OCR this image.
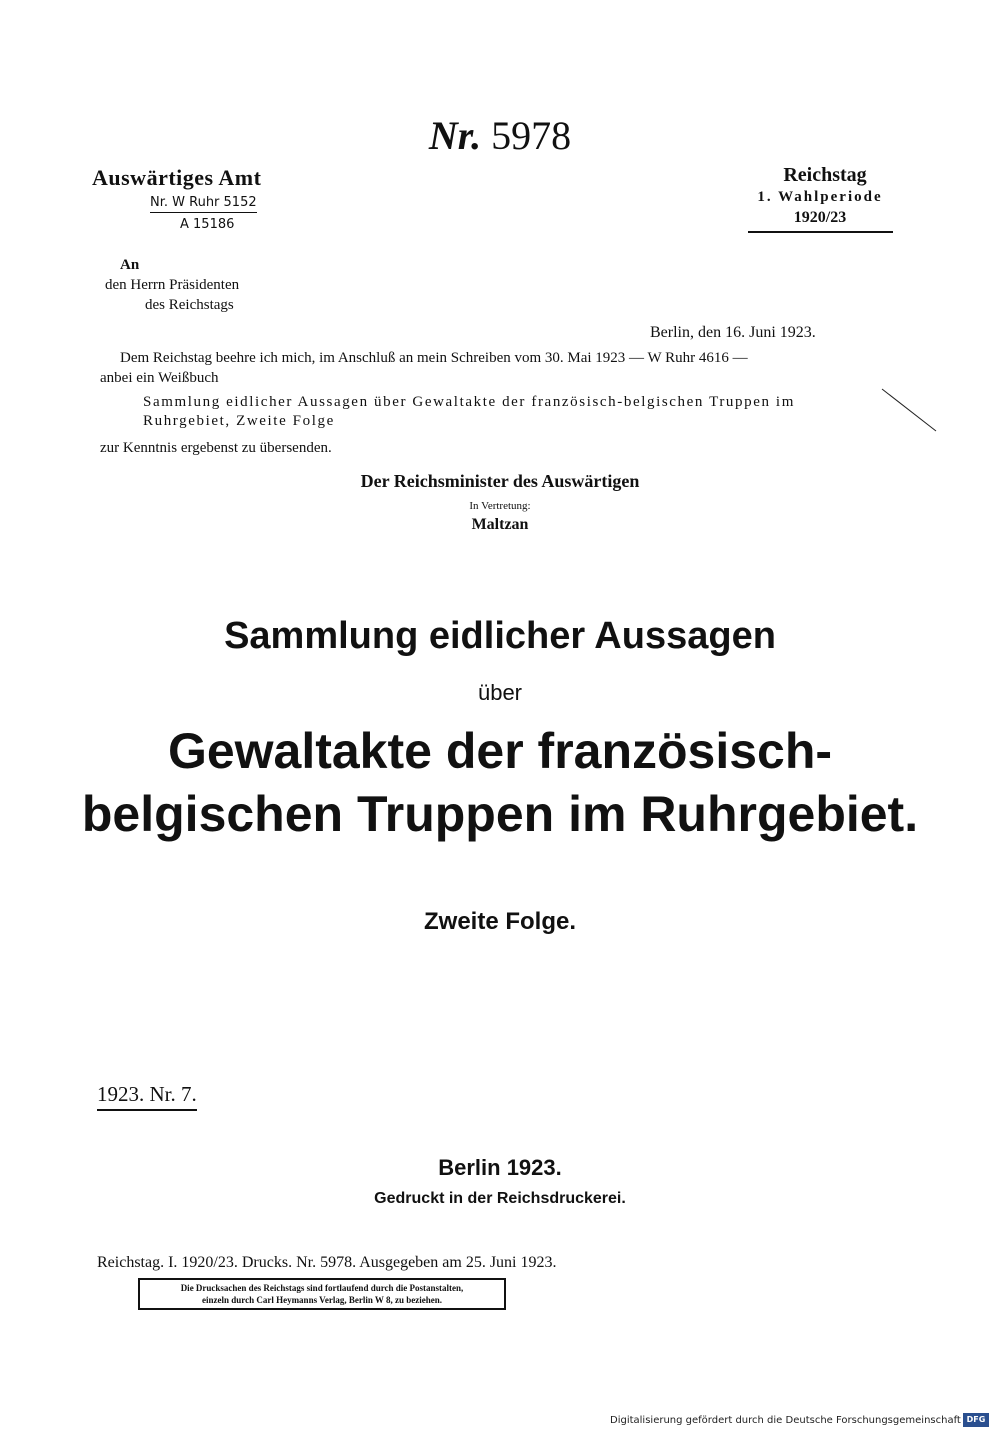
Nr. 5978
Auswärtiges Amt
Nr. W Ruhr 5152
A 15186
Reichstag
1. Wahlperiode
1920/23
An
den Herrn Präsidenten
des Reichstags
Berlin, den 16. Juni 1923.
Dem Reichstag beehre ich mich, im Anschluß an mein Schreiben vom 30. Mai 1923 — W Ruhr 4616 —
anbei ein Weißbuch
Sammlung eidlicher Aussagen über Gewaltakte der französisch-belgischen Truppen im
Ruhrgebiet, Zweite Folge
zur Kenntnis ergebenst zu übersenden.
Der Reichsminister des Auswärtigen
In Vertretung:
Maltzan
Sammlung eidlicher Aussagen
über
Gewaltakte der französisch-
belgischen Truppen im Ruhrgebiet.
Zweite Folge.
1923. Nr. 7.
Berlin 1923.
Gedruckt in der Reichsdruckerei.
Reichstag. I. 1920/23. Drucks. Nr. 5978. Ausgegeben am 25. Juni 1923.
Die Drucksachen des Reichstags sind fortlaufend durch die Postanstalten,
einzeln durch Carl Heymanns Verlag, Berlin W 8, zu beziehen.
Digitalisierung gefördert durch die Deutsche Forschungsgemeinschaft DFG
